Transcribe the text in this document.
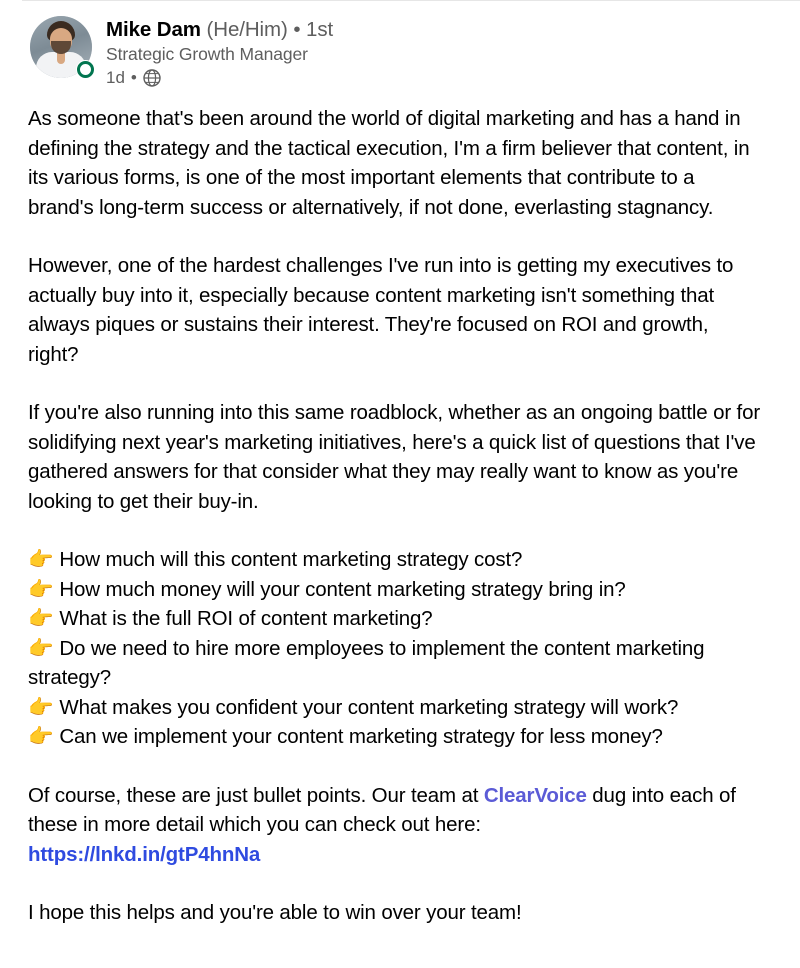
Mike Dam (He/Him) • 1st
Strategic Growth Manager
1d •

As someone that's been around the world of digital marketing and has a hand in defining the strategy and the tactical execution, I'm a firm believer that content, in its various forms, is one of the most important elements that contribute to a brand's long-term success or alternatively, if not done, everlasting stagnancy.

However, one of the hardest challenges I've run into is getting my executives to actually buy into it, especially because content marketing isn't something that always piques or sustains their interest. They're focused on ROI and growth, right?

If you're also running into this same roadblock, whether as an ongoing battle or for solidifying next year's marketing initiatives, here's a quick list of questions that I've gathered answers for that consider what they may really want to know as you're looking to get their buy-in.

👉 How much will this content marketing strategy cost?
👉 How much money will your content marketing strategy bring in?
👉 What is the full ROI of content marketing?
👉 Do we need to hire more employees to implement the content marketing strategy?
👉 What makes you confident your content marketing strategy will work?
👉 Can we implement your content marketing strategy for less money?

Of course, these are just bullet points. Our team at ClearVoice dug into each of these in more detail which you can check out here:
https://lnkd.in/gtP4hnNa

I hope this helps and you're able to win over your team!
